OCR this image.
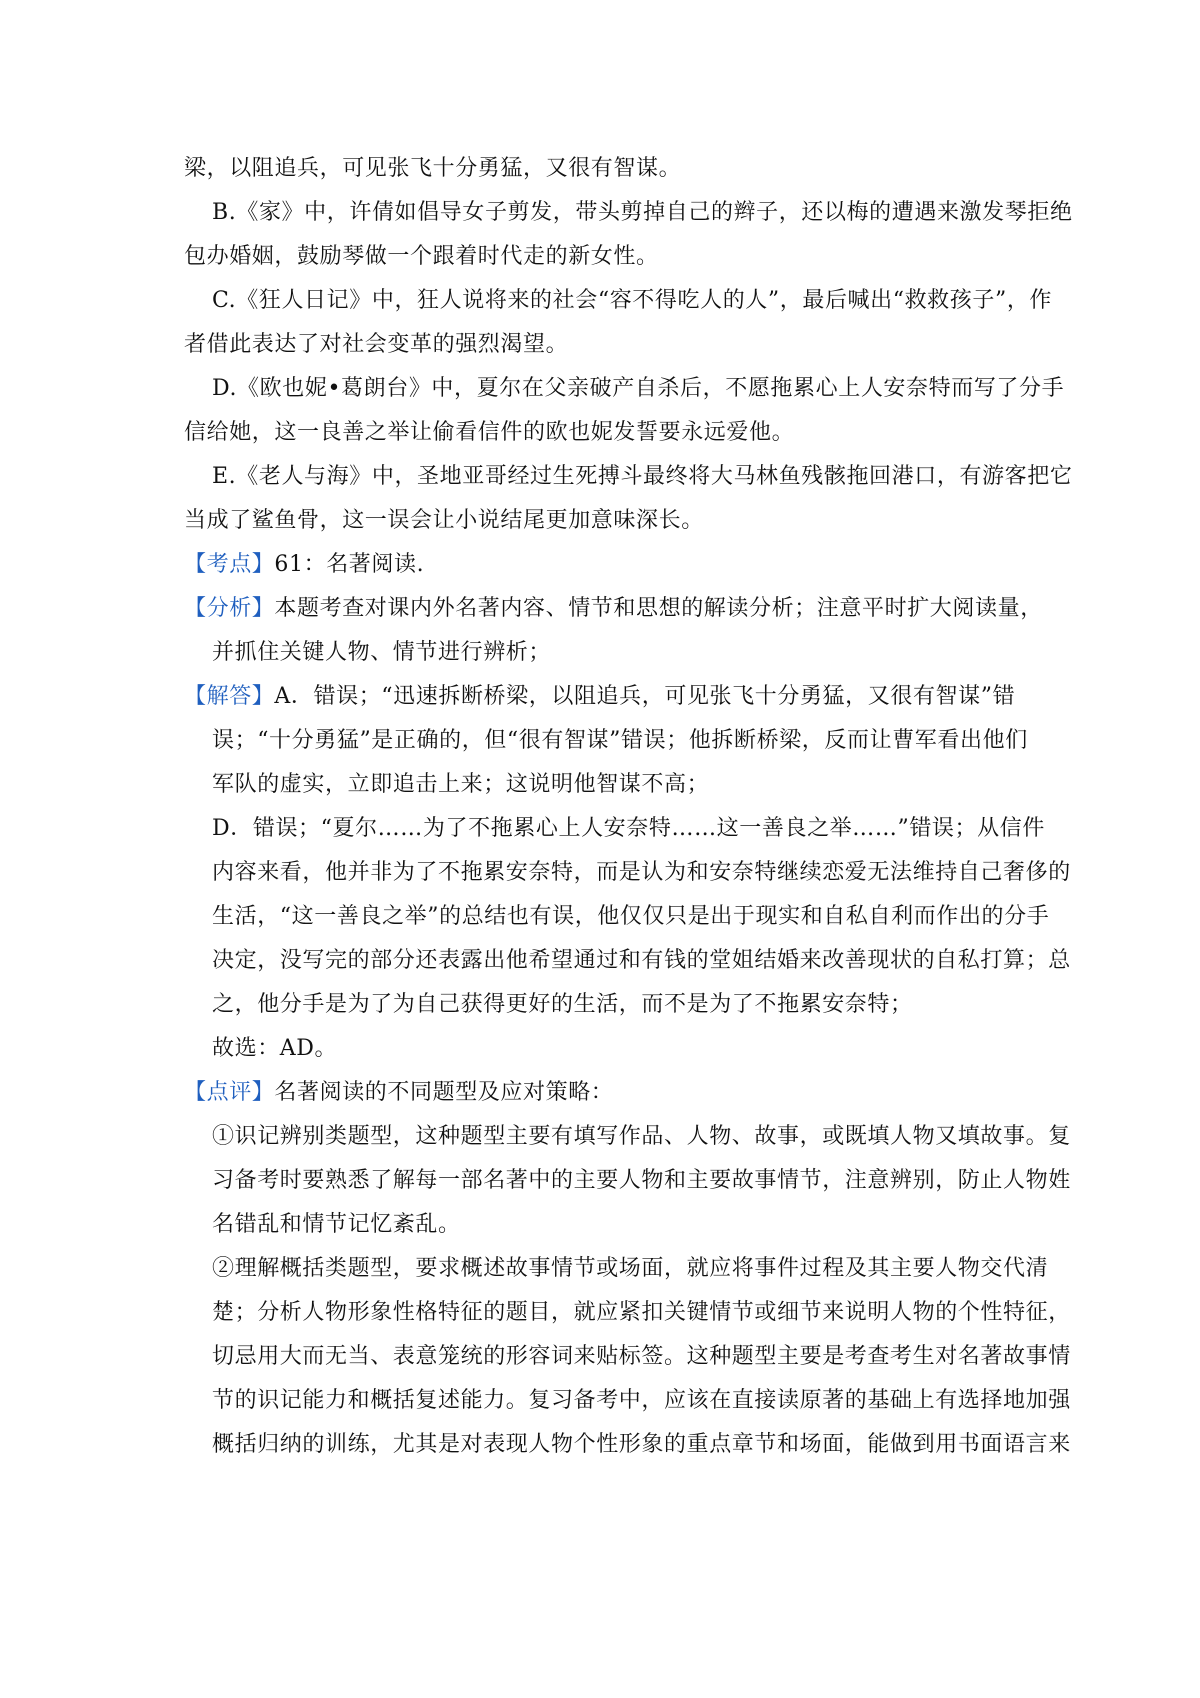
梁，以阻追兵，可见张飞十分勇猛，又很有智谋。
B.《家》中，许倩如倡导女子剪发，带头剪掉自己的辫子，还以梅的遭遇来激发琴拒绝
包办婚姻，鼓励琴做一个跟着时代走的新女性。
C.《狂人日记》中，狂人说将来的社会“容不得吃人的人”，最后喊出“救救孩子”，作
者借此表达了对社会变革的强烈渴望。
D.《欧也妮•葛朗台》中，夏尔在父亲破产自杀后，不愿拖累心上人安奈特而写了分手
信给她，这一良善之举让偷看信件的欧也妮发誓要永远爱他。
E.《老人与海》中，圣地亚哥经过生死搏斗最终将大马林鱼残骸拖回港口，有游客把它
当成了鲨鱼骨，这一误会让小说结尾更加意味深长。
【考点】61：名著阅读.
【分析】本题考查对课内外名著内容、情节和思想的解读分析；注意平时扩大阅读量，
并抓住关键人物、情节进行辨析；
【解答】A．错误；“迅速拆断桥梁，以阻追兵，可见张飞十分勇猛，又很有智谋”错
误；“十分勇猛”是正确的，但“很有智谋”错误；他拆断桥梁，反而让曹军看出他们
军队的虚实，立即追击上来；这说明他智谋不高；
D．错误；“夏尔……为了不拖累心上人安奈特……这一善良之举……”错误；从信件
内容来看，他并非为了不拖累安奈特，而是认为和安奈特继续恋爱无法维持自己奢侈的
生活，“这一善良之举”的总结也有误，他仅仅只是出于现实和自私自利而作出的分手
决定，没写完的部分还表露出他希望通过和有钱的堂姐结婚来改善现状的自私打算；总
之，他分手是为了为自己获得更好的生活，而不是为了不拖累安奈特；
故选：AD。
【点评】名著阅读的不同题型及应对策略：
①识记辨别类题型，这种题型主要有填写作品、人物、故事，或既填人物又填故事。复
习备考时要熟悉了解每一部名著中的主要人物和主要故事情节，注意辨别，防止人物姓
名错乱和情节记忆紊乱。
②理解概括类题型，要求概述故事情节或场面，就应将事件过程及其主要人物交代清
楚；分析人物形象性格特征的题目，就应紧扣关键情节或细节来说明人物的个性特征，
切忌用大而无当、表意笼统的形容词来贴标签。这种题型主要是考查考生对名著故事情
节的识记能力和概括复述能力。复习备考中，应该在直接读原著的基础上有选择地加强
概括归纳的训练，尤其是对表现人物个性形象的重点章节和场面，能做到用书面语言来
